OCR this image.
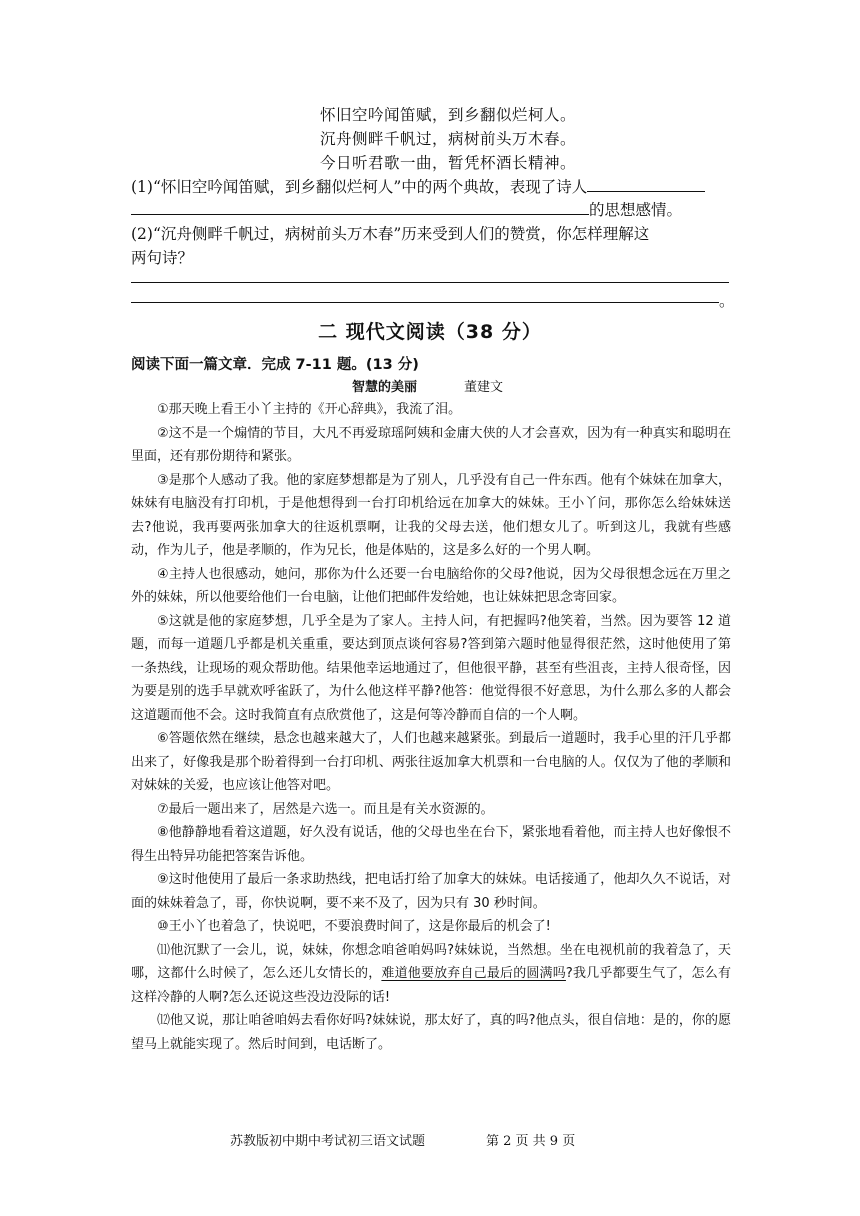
怀旧空吟闻笛赋，到乡翻似烂柯人。
沉舟侧畔千帆过，病树前头万木春。
今日听君歌一曲，暂凭杯酒长精神。
(1)“怀旧空吟闻笛赋，到乡翻似烂柯人”中的两个典故，表现了诗人
的思想感情。
(2)“沉舟侧畔千帆过，病树前头万木春”历来受到人们的赞赏，你怎样理解这
两句诗？
。
二 现代文阅读（38 分）
阅读下面一篇文章．完成 7-11 题。(13 分)
智慧的美丽	董建文

①那天晚上看王小丫主持的《开心辞典》，我流了泪。

②这不是一个煽情的节目，大凡不再爱琼瑶阿姨和金庸大侠的人才会喜欢，因为有一种真实和聪明在里面，还有那份期待和紧张。

③是那个人感动了我。他的家庭梦想都是为了别人，几乎没有自己一件东西。他有个妹妹在加拿大，妹妹有电脑没有打印机，于是他想得到一台打印机给远在加拿大的妹妹。王小丫问，那你怎么给妹妹送去?他说，我再要两张加拿大的往返机票啊，让我的父母去送，他们想女儿了。听到这儿，我就有些感动，作为儿子，他是孝顺的，作为兄长，他是体贴的，这是多么好的一个男人啊。

④主持人也很感动，她问，那你为什么还要一台电脑给你的父母?他说，因为父母很想念远在万里之外的妹妹，所以他要给他们一台电脑，让他们把邮件发给她，也让妹妹把思念寄回家。

⑤这就是他的家庭梦想，几乎全是为了家人。主持人问，有把握吗?他笑着，当然。因为要答 12 道题，而每一道题几乎都是机关重重，要达到顶点谈何容易?答到第六题时他显得很茫然，这时他使用了第一条热线，让现场的观众帮助他。结果他幸运地通过了，但他很平静，甚至有些沮丧，主持人很奇怪，因为要是别的选手早就欢呼雀跃了，为什么他这样平静?他答：他觉得很不好意思，为什么那么多的人都会这道题而他不会。这时我简直有点欣赏他了，这是何等冷静而自信的一个人啊。

⑥答题依然在继续，悬念也越来越大了，人们也越来越紧张。到最后一道题时，我手心里的汗几乎都出来了，好像我是那个盼着得到一台打印机、两张往返加拿大机票和一台电脑的人。仅仅为了他的孝顺和对妹妹的关爱，也应该让他答对吧。

⑦最后一题出来了，居然是六选一。而且是有关水资源的。

⑧他静静地看着这道题，好久没有说话，他的父母也坐在台下，紧张地看着他，而主持人也好像恨不得生出特异功能把答案告诉他。

⑨这时他使用了最后一条求助热线，把电话打给了加拿大的妹妹。电话接通了，他却久久不说话，对面的妹妹着急了，哥，你快说啊，要不来不及了，因为只有 30 秒时间。

⑩王小丫也着急了，快说吧，不要浪费时间了，这是你最后的机会了!

⑾他沉默了一会儿，说，妹妹，你想念咱爸咱妈吗?妹妹说，当然想。坐在电视机前的我着急了，天哪，这都什么时候了，怎么还儿女情长的，难道他要放弃自己最后的圆满吗?我几乎都要生气了，怎么有这样冷静的人啊?怎么还说这些没边没际的话!

⑿他又说，那让咱爸咱妈去看你好吗?妹妹说，那太好了，真的吗?他点头，很自信地：是的，你的愿望马上就能实现了。然后时间到，电话断了。

苏教版初中期中考试初三语文试题	第 2 页 共 9 页
